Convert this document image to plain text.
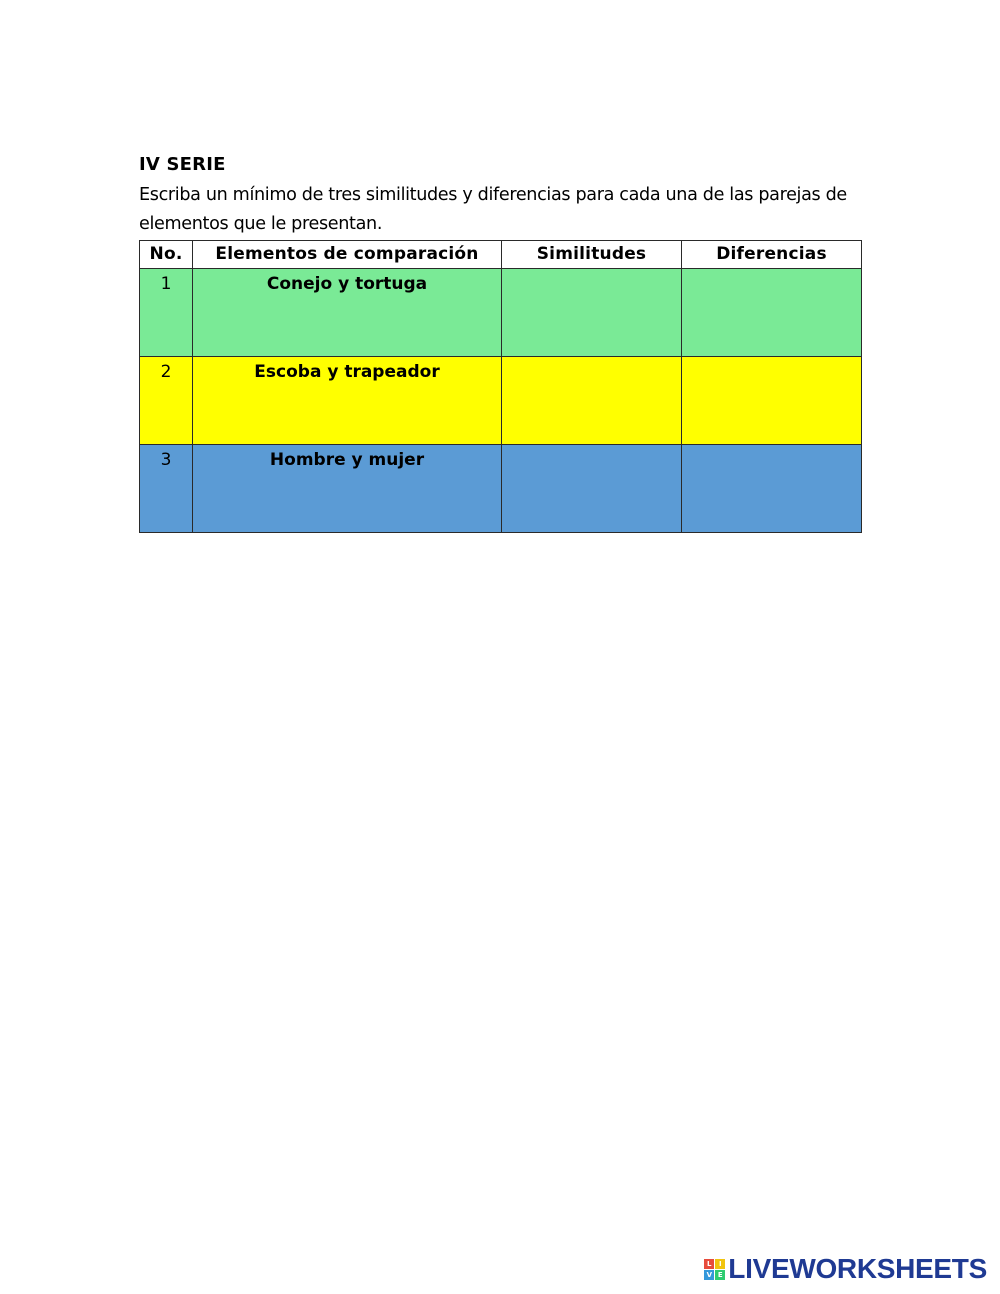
IV SERIE
Escriba un mínimo de tres similitudes y diferencias para cada una de las parejas de elementos que le presentan.
No.	Elementos de comparación	Similitudes	Diferencias
1	Conejo y tortuga		
2	Escoba y trapeador		
3	Hombre y mujer		
L	I
V E LIVEWORKSHEETS
